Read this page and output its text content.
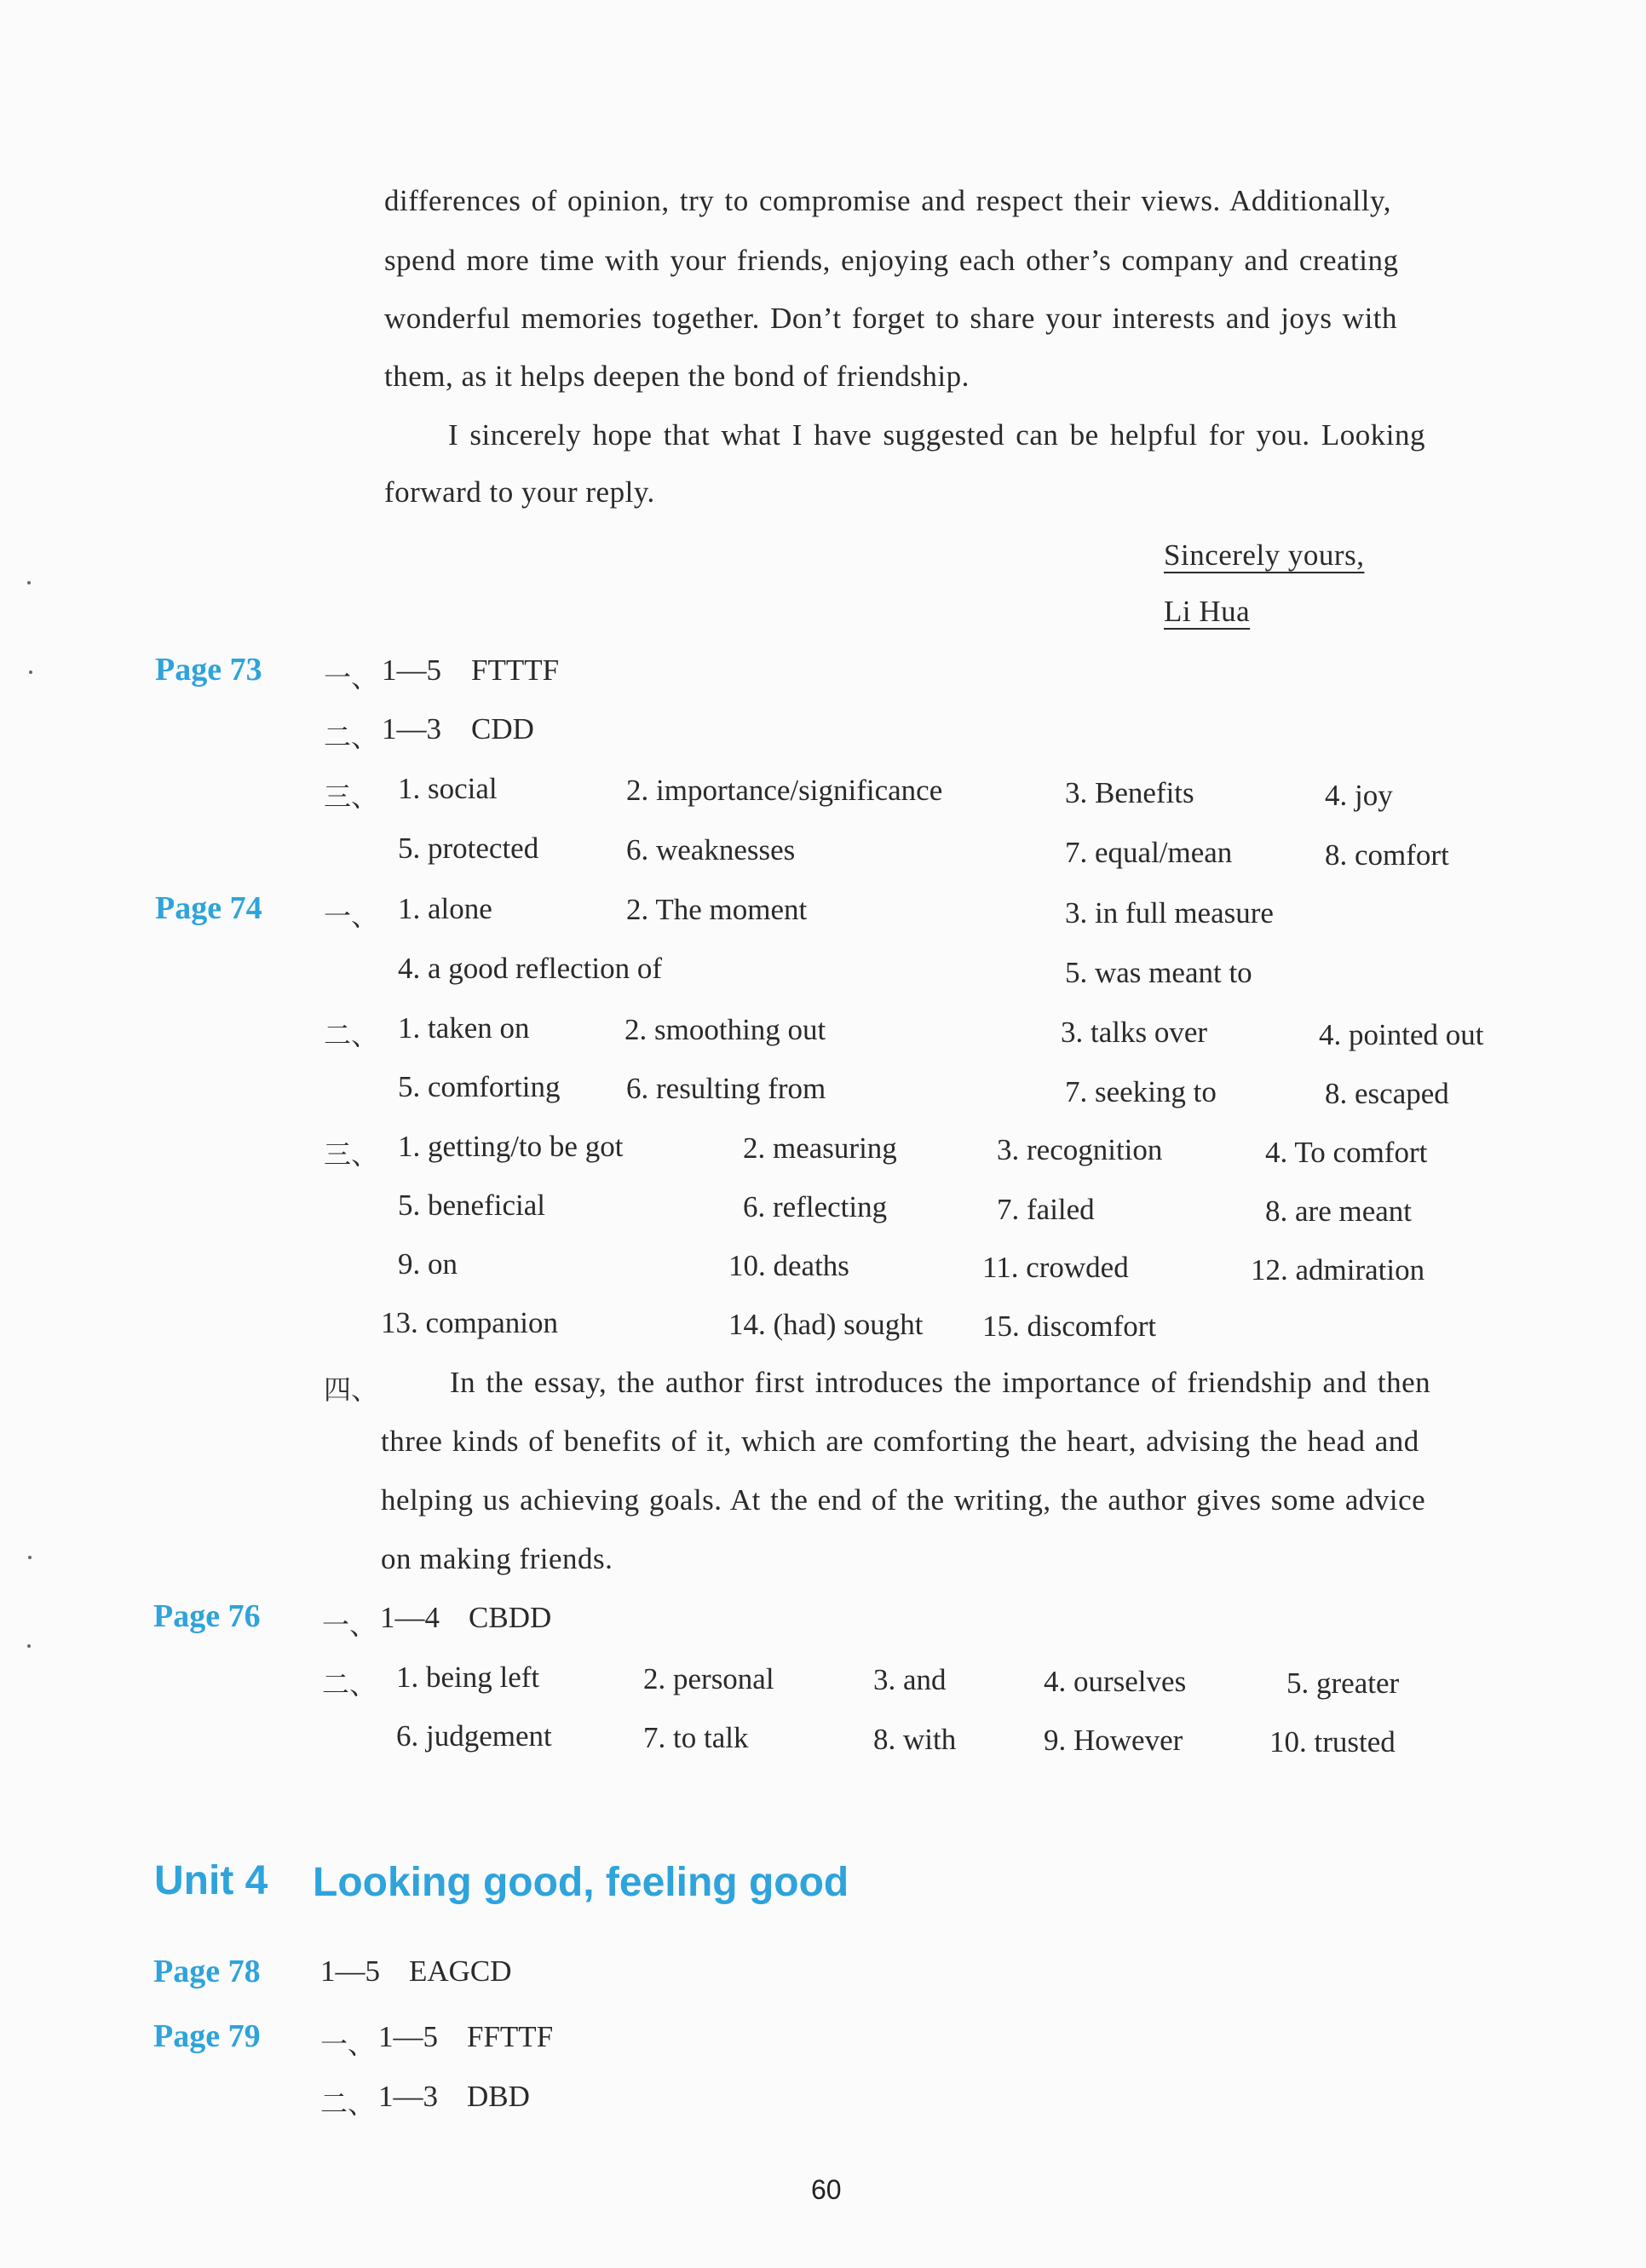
differences of opinion, try to compromise and respect their views. Additionally,
spend more time with your friends, enjoying each other’s company and creating
wonderful memories together. Don’t forget to share your interests and joys with
them, as it helps deepen the bond of friendship.
I sincerely hope that what I have suggested can be helpful for you. Looking
forward to your reply.
Sincerely yours,
Li Hua
Page 73 一、 1—5 FTTTF
二、 1—3 CDD
三、 1. social	2. importance/significance	3. Benefits	4. joy
5. protected	6. weaknesses	7. equal/mean	8. comfort
Page 74 一、 1. alone	2. The moment	3. in full measure
4. a good reflection of	5. was meant to
二、 1. taken on	2. smoothing out	3. talks over	4. pointed out
5. comforting 6. resulting from	7. seeking to	8. escaped
三、 1. getting/to be got	2. measuring	3. recognition	4. To comfort
5. beneficial	6. reflecting	7. failed	8. are meant
9. on	10. deaths	11. crowded	12. admiration
13. companion	14. (had) sought 15. discomfort
四、 In the essay, the author first introduces the importance of friendship and then
three kinds of benefits of it, which are comforting the heart, advising the head and
helping us achieving goals. At the end of the writing, the author gives some advice
on making friends.
Page 76 一、 1—4 CBDD
二、 1. being left	2. personal	3. and	4. ourselves	5. greater
6. judgement	7. to talk	8. with	9. However	10. trusted
Unit 4 Looking good, feeling good
Page 78 1—5 EAGCD
Page 79 一、 1—5 FFTTF
二、 1—3 DBD
60
